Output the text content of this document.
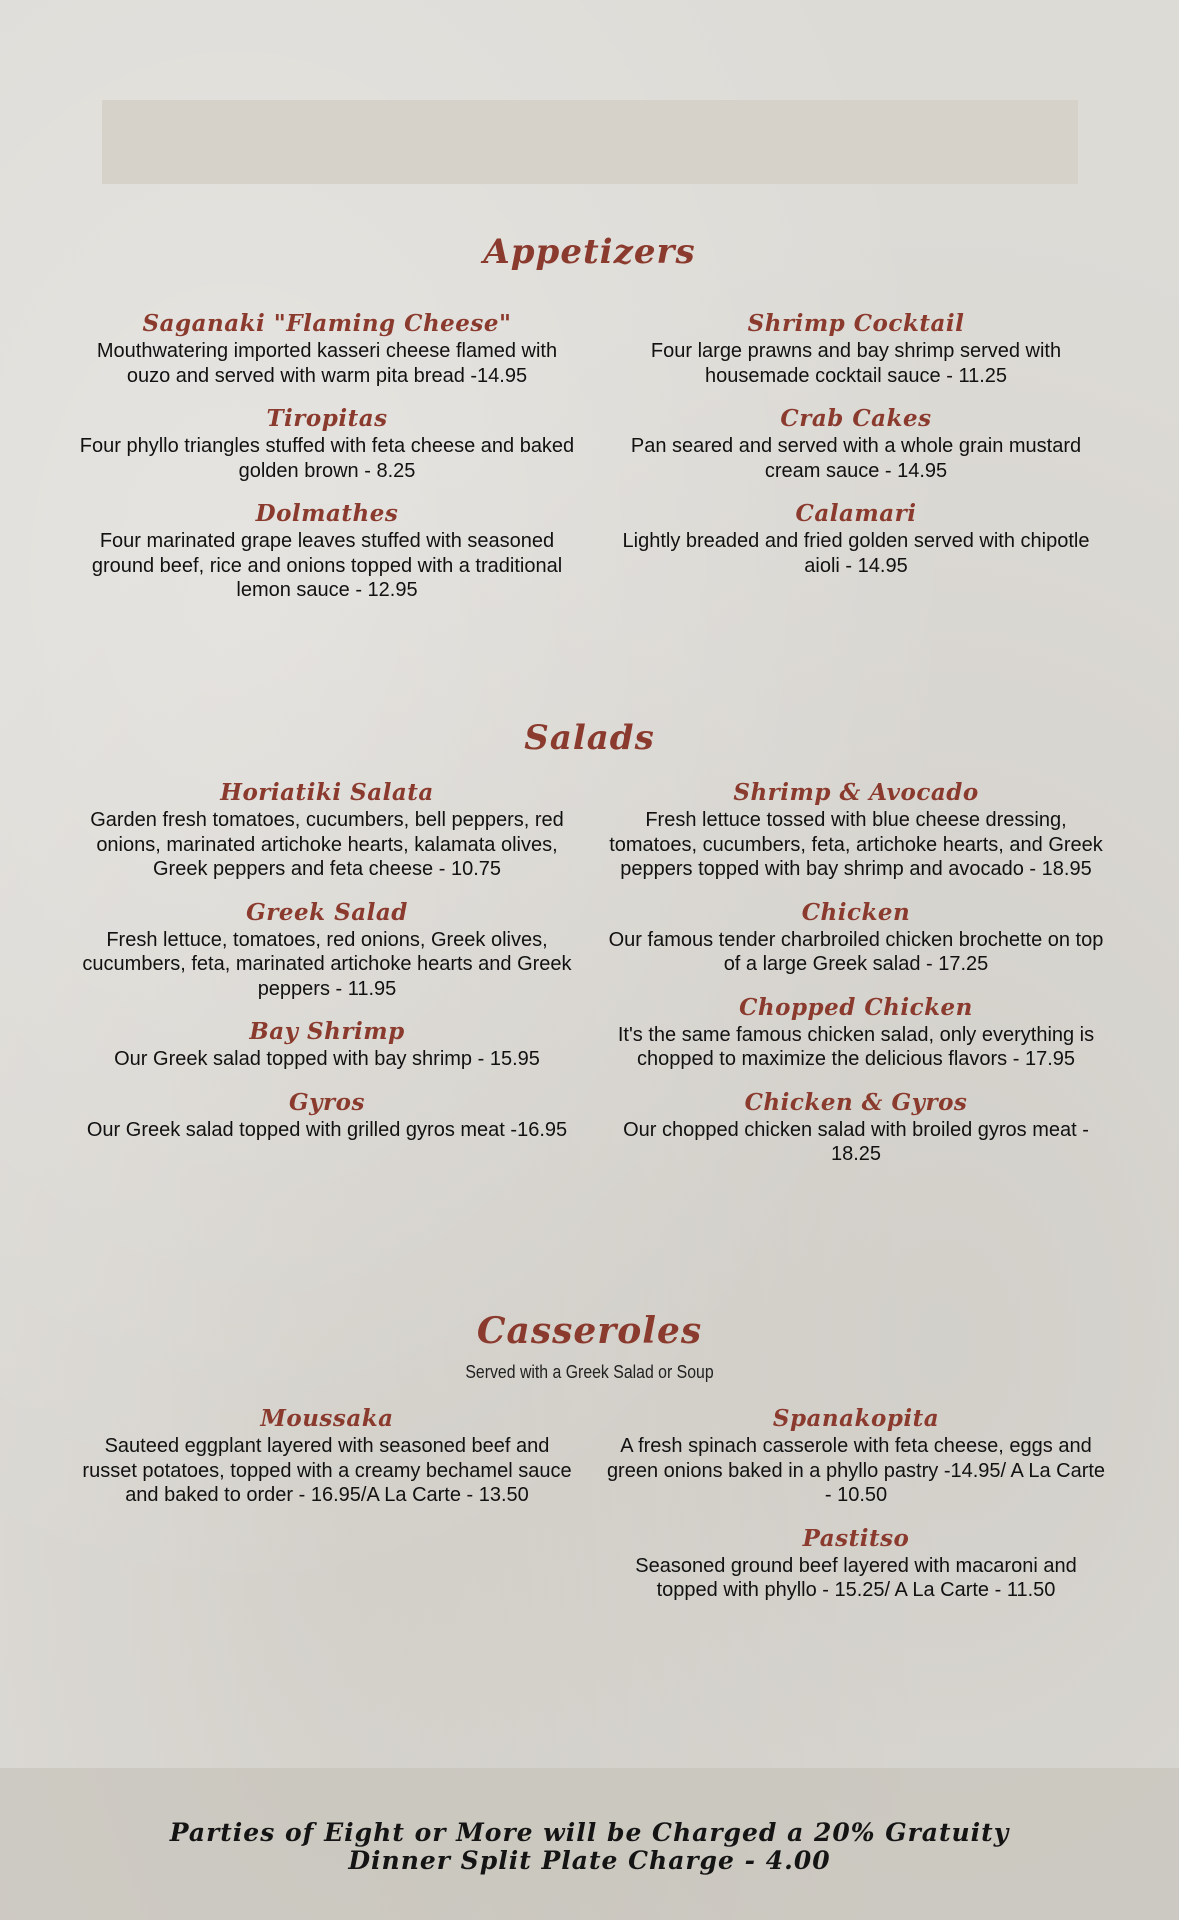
Appetizers
Saganaki "Flaming Cheese"
Mouthwatering imported kasseri cheese flamed with ouzo and served with warm pita bread -14.95
Tiropitas
Four phyllo triangles stuffed with feta cheese and baked golden brown - 8.25
Dolmathes
Four marinated grape leaves stuffed with seasoned ground beef, rice and onions topped with a traditional lemon sauce - 12.95
Shrimp Cocktail
Four large prawns and bay shrimp served with housemade cocktail sauce - 11.25
Crab Cakes
Pan seared and served with a whole grain mustard cream sauce - 14.95
Calamari
Lightly breaded and fried golden served with chipotle aioli - 14.95
Salads
Horiatiki Salata
Garden fresh tomatoes, cucumbers, bell peppers, red onions, marinated artichoke hearts, kalamata olives, Greek peppers and feta cheese - 10.75
Greek Salad
Fresh lettuce, tomatoes, red onions, Greek olives, cucumbers, feta, marinated artichoke hearts and Greek peppers - 11.95
Bay Shrimp
Our Greek salad topped with bay shrimp - 15.95
Gyros
Our Greek salad topped with grilled gyros meat -16.95
Shrimp & Avocado
Fresh lettuce tossed with blue cheese dressing, tomatoes, cucumbers, feta, artichoke hearts, and Greek peppers topped with bay shrimp and avocado - 18.95
Chicken
Our famous tender charbroiled chicken brochette on top of a large Greek salad - 17.25
Chopped Chicken
It's the same famous chicken salad, only everything is chopped to maximize the delicious flavors - 17.95
Chicken & Gyros
Our chopped chicken salad with broiled gyros meat - 18.25
Casseroles
Served with a Greek Salad or Soup
Moussaka
Sauteed eggplant layered with seasoned beef and russet potatoes, topped with a creamy bechamel sauce and baked to order - 16.95/A La Carte - 13.50
Spanakopita
A fresh spinach casserole with feta cheese, eggs and green onions baked in a phyllo pastry -14.95/ A La Carte - 10.50
Pastitso
Seasoned ground beef layered with macaroni and topped with phyllo - 15.25/ A La Carte - 11.50
Parties of Eight or More will be Charged a 20% Gratuity
Dinner Split Plate Charge - 4.00
